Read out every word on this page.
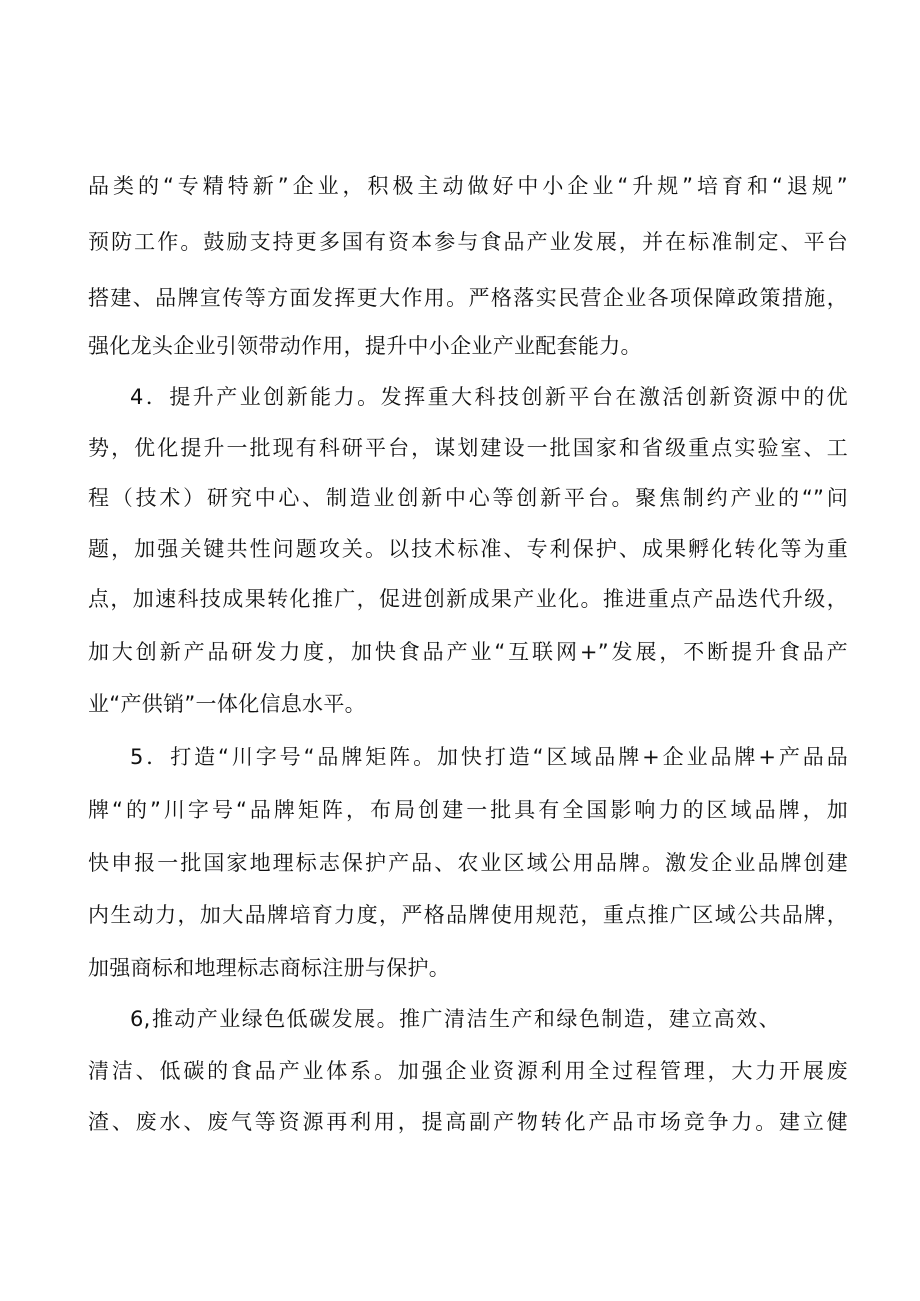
品类的“专精特新”企业，积极主动做好中小企业“升规”培育和“退规”
预防工作。鼓励支持更多国有资本参与食品产业发展，并在标准制定、平台
搭建、品牌宣传等方面发挥更大作用。严格落实民营企业各项保障政策措施，
强化龙头企业引领带动作用，提升中小企业产业配套能力。
4．提升产业创新能力。发挥重大科技创新平台在激活创新资源中的优
势，优化提升一批现有科研平台，谋划建设一批国家和省级重点实验室、工
程（技术）研究中心、制造业创新中心等创新平台。聚焦制约产业的“”问
题，加强关键共性问题攻关。以技术标准、专利保护、成果孵化转化等为重
点，加速科技成果转化推广，促进创新成果产业化。推进重点产品迭代升级，
加大创新产品研发力度，加快食品产业“互联网+”发展，不断提升食品产
业“产供销”一体化信息水平。
5．打造“川字号“品牌矩阵。加快打造“区域品牌+企业品牌+产品品
牌“的”川字号“品牌矩阵，布局创建一批具有全国影响力的区域品牌，加
快申报一批国家地理标志保护产品、农业区域公用品牌。激发企业品牌创建
内生动力，加大品牌培育力度，严格品牌使用规范，重点推广区域公共品牌，
加强商标和地理标志商标注册与保护。
6,推动产业绿色低碳发展。推广清洁生产和绿色制造，建立高效、
清洁、低碳的食品产业体系。加强企业资源利用全过程管理，大力开展废
渣、废水、废气等资源再利用，提高副产物转化产品市场竞争力。建立健
